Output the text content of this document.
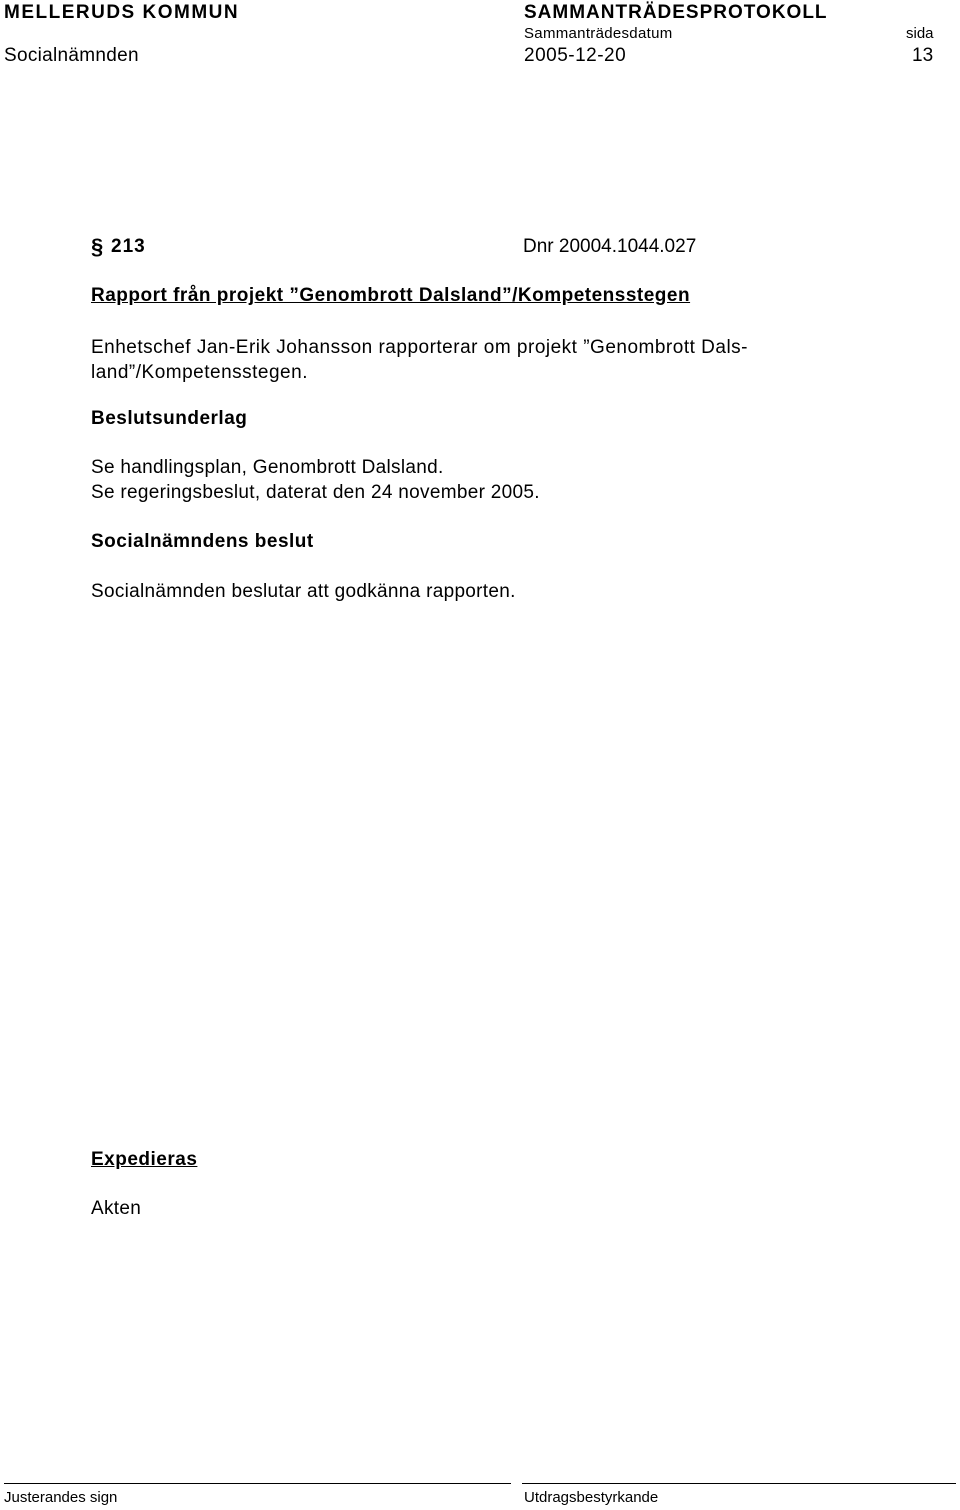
MELLERUDS KOMMUN	SAMMANTRÄDESPROTOKOLL
Sammanträdesdatum	sida
Socialnämnden	2005-12-20	13
§ 213	Dnr 20004.1044.027
Rapport från projekt ”Genombrott Dalsland”/Kompetensstegen
Enhetschef Jan-Erik Johansson rapporterar om projekt ”Genombrott Dals-land”/Kompetensstegen.
Beslutsunderlag
Se handlingsplan, Genombrott Dalsland.
Se regeringsbeslut, daterat den 24 november 2005.
Socialnämndens beslut
Socialnämnden beslutar att godkänna rapporten.
Expedieras
Akten
Justerandes sign	Utdragsbestyrkande
